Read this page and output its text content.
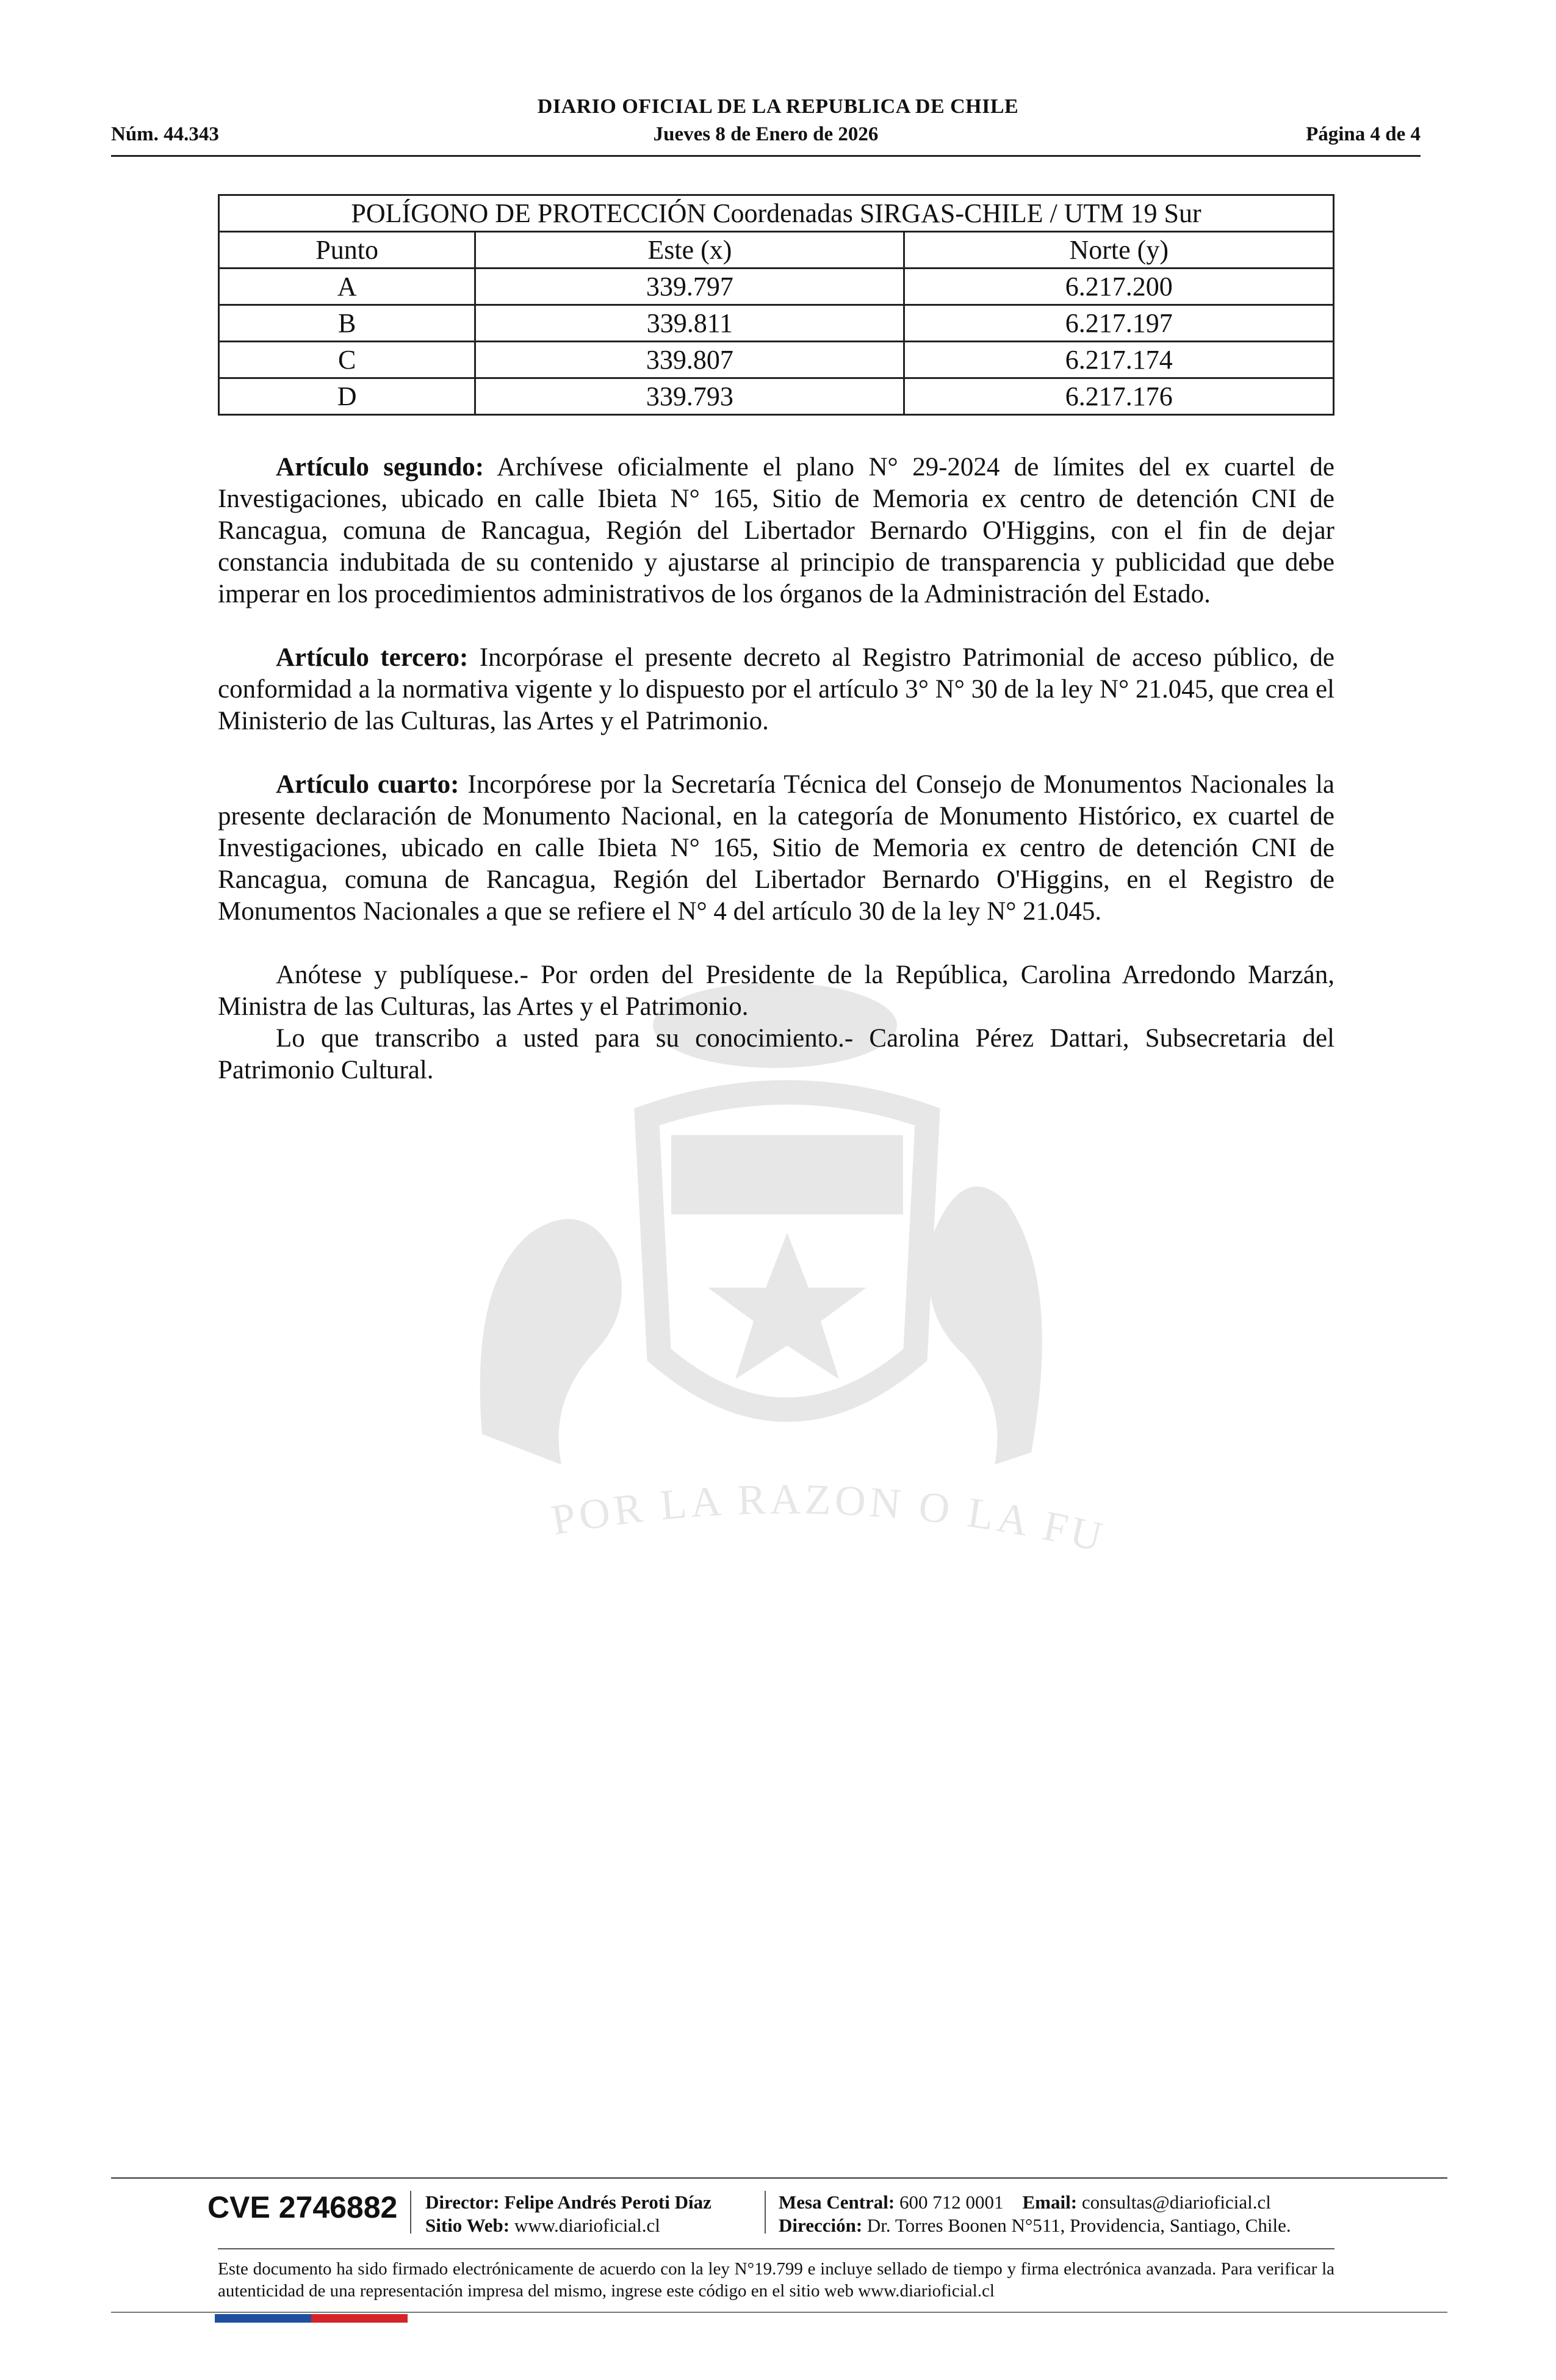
POR LA RAZON O LA FU
DIARIO OFICIAL DE LA REPUBLICA DE CHILE
Núm. 44.343	Jueves 8 de Enero de 2026	Página 4 de 4
POLÍGONO DE PROTECCIÓN Coordenadas SIRGAS-CHILE / UTM 19 Sur		
Punto	Este (x)	Norte (y)
A	339.797	6.217.200
B	339.811	6.217.197
C	339.807	6.217.174
D	339.793	6.217.176

Artículo segundo: Archívese oficialmente el plano N° 29-2024 de límites del ex cuartel de Investigaciones, ubicado en calle Ibieta N° 165, Sitio de Memoria ex centro de detención CNI de Rancagua, comuna de Rancagua, Región del Libertador Bernardo O'Higgins, con el fin de dejar constancia indubitada de su contenido y ajustarse al principio de transparencia y publicidad que debe imperar en los procedimientos administrativos de los órganos de la Administración del Estado.

Artículo tercero: Incorpórase el presente decreto al Registro Patrimonial de acceso público, de conformidad a la normativa vigente y lo dispuesto por el artículo 3° N° 30 de la ley N° 21.045, que crea el Ministerio de las Culturas, las Artes y el Patrimonio.

Artículo cuarto: Incorpórese por la Secretaría Técnica del Consejo de Monumentos Nacionales la presente declaración de Monumento Nacional, en la categoría de Monumento Histórico, ex cuartel de Investigaciones, ubicado en calle Ibieta N° 165, Sitio de Memoria ex centro de detención CNI de Rancagua, comuna de Rancagua, Región del Libertador Bernardo O'Higgins, en el Registro de Monumentos Nacionales a que se refiere el N° 4 del artículo 30 de la ley N° 21.045.

Anótese y publíquese.- Por orden del Presidente de la República, Carolina Arredondo Marzán, Ministra de las Culturas, las Artes y el Patrimonio.

Lo que transcribo a usted para su conocimiento.- Carolina Pérez Dattari, Subsecretaria del Patrimonio Cultural.

CVE 2746882 Director: Felipe Andrés Peroti Díaz
Sitio Web: www.diarioficial.cl
Mesa Central: 600 712 0001 Email: consultas@diarioficial.cl
Dirección: Dr. Torres Boonen N°511, Providencia, Santiago, Chile.
Este documento ha sido firmado electrónicamente de acuerdo con la ley N°19.799 e incluye sellado de tiempo y firma electrónica avanzada. Para verificar la autenticidad de una representación impresa del mismo, ingrese este código en el sitio web www.diarioficial.cl
